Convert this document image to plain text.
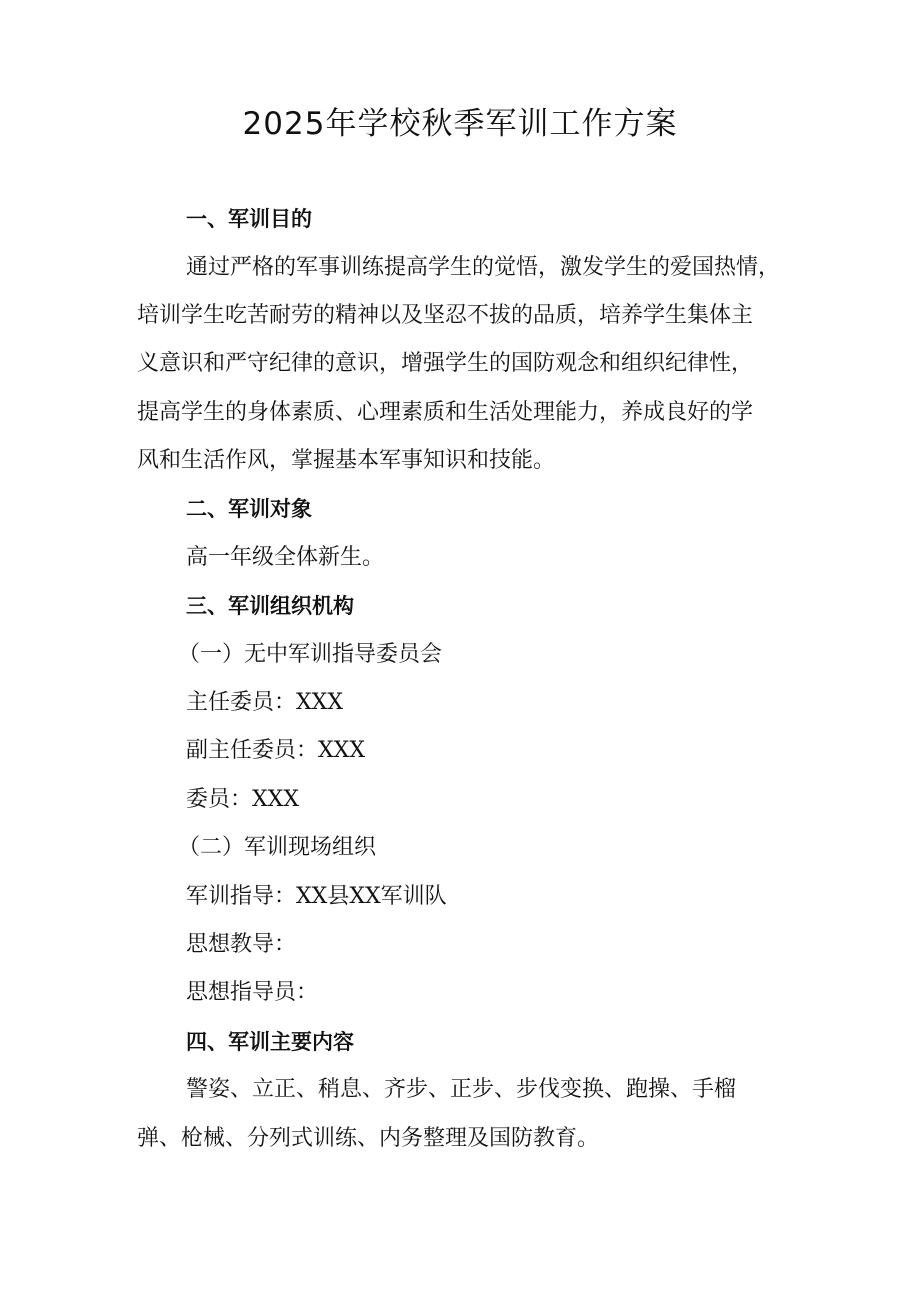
2025年学校秋季军训工作方案

一、军训目的

通过严格的军事训练提高学生的觉悟，激发学生的爱国热情，

培训学生吃苦耐劳的精神以及坚忍不拔的品质，培养学生集体主

义意识和严守纪律的意识，增强学生的国防观念和组织纪律性，

提高学生的身体素质、心理素质和生活处理能力，养成良好的学

风和生活作风，掌握基本军事知识和技能。

二、军训对象

高一年级全体新生。

三、军训组织机构

（一）无中军训指导委员会

主任委员：XXX

副主任委员：XXX

委员：XXX

（二）军训现场组织

军训指导：XX县XX军训队

思想教导：

思想指导员：

四、军训主要内容

警姿、立正、稍息、齐步、正步、步伐变换、跑操、手榴

弹、枪械、分列式训练、内务整理及国防教育。
